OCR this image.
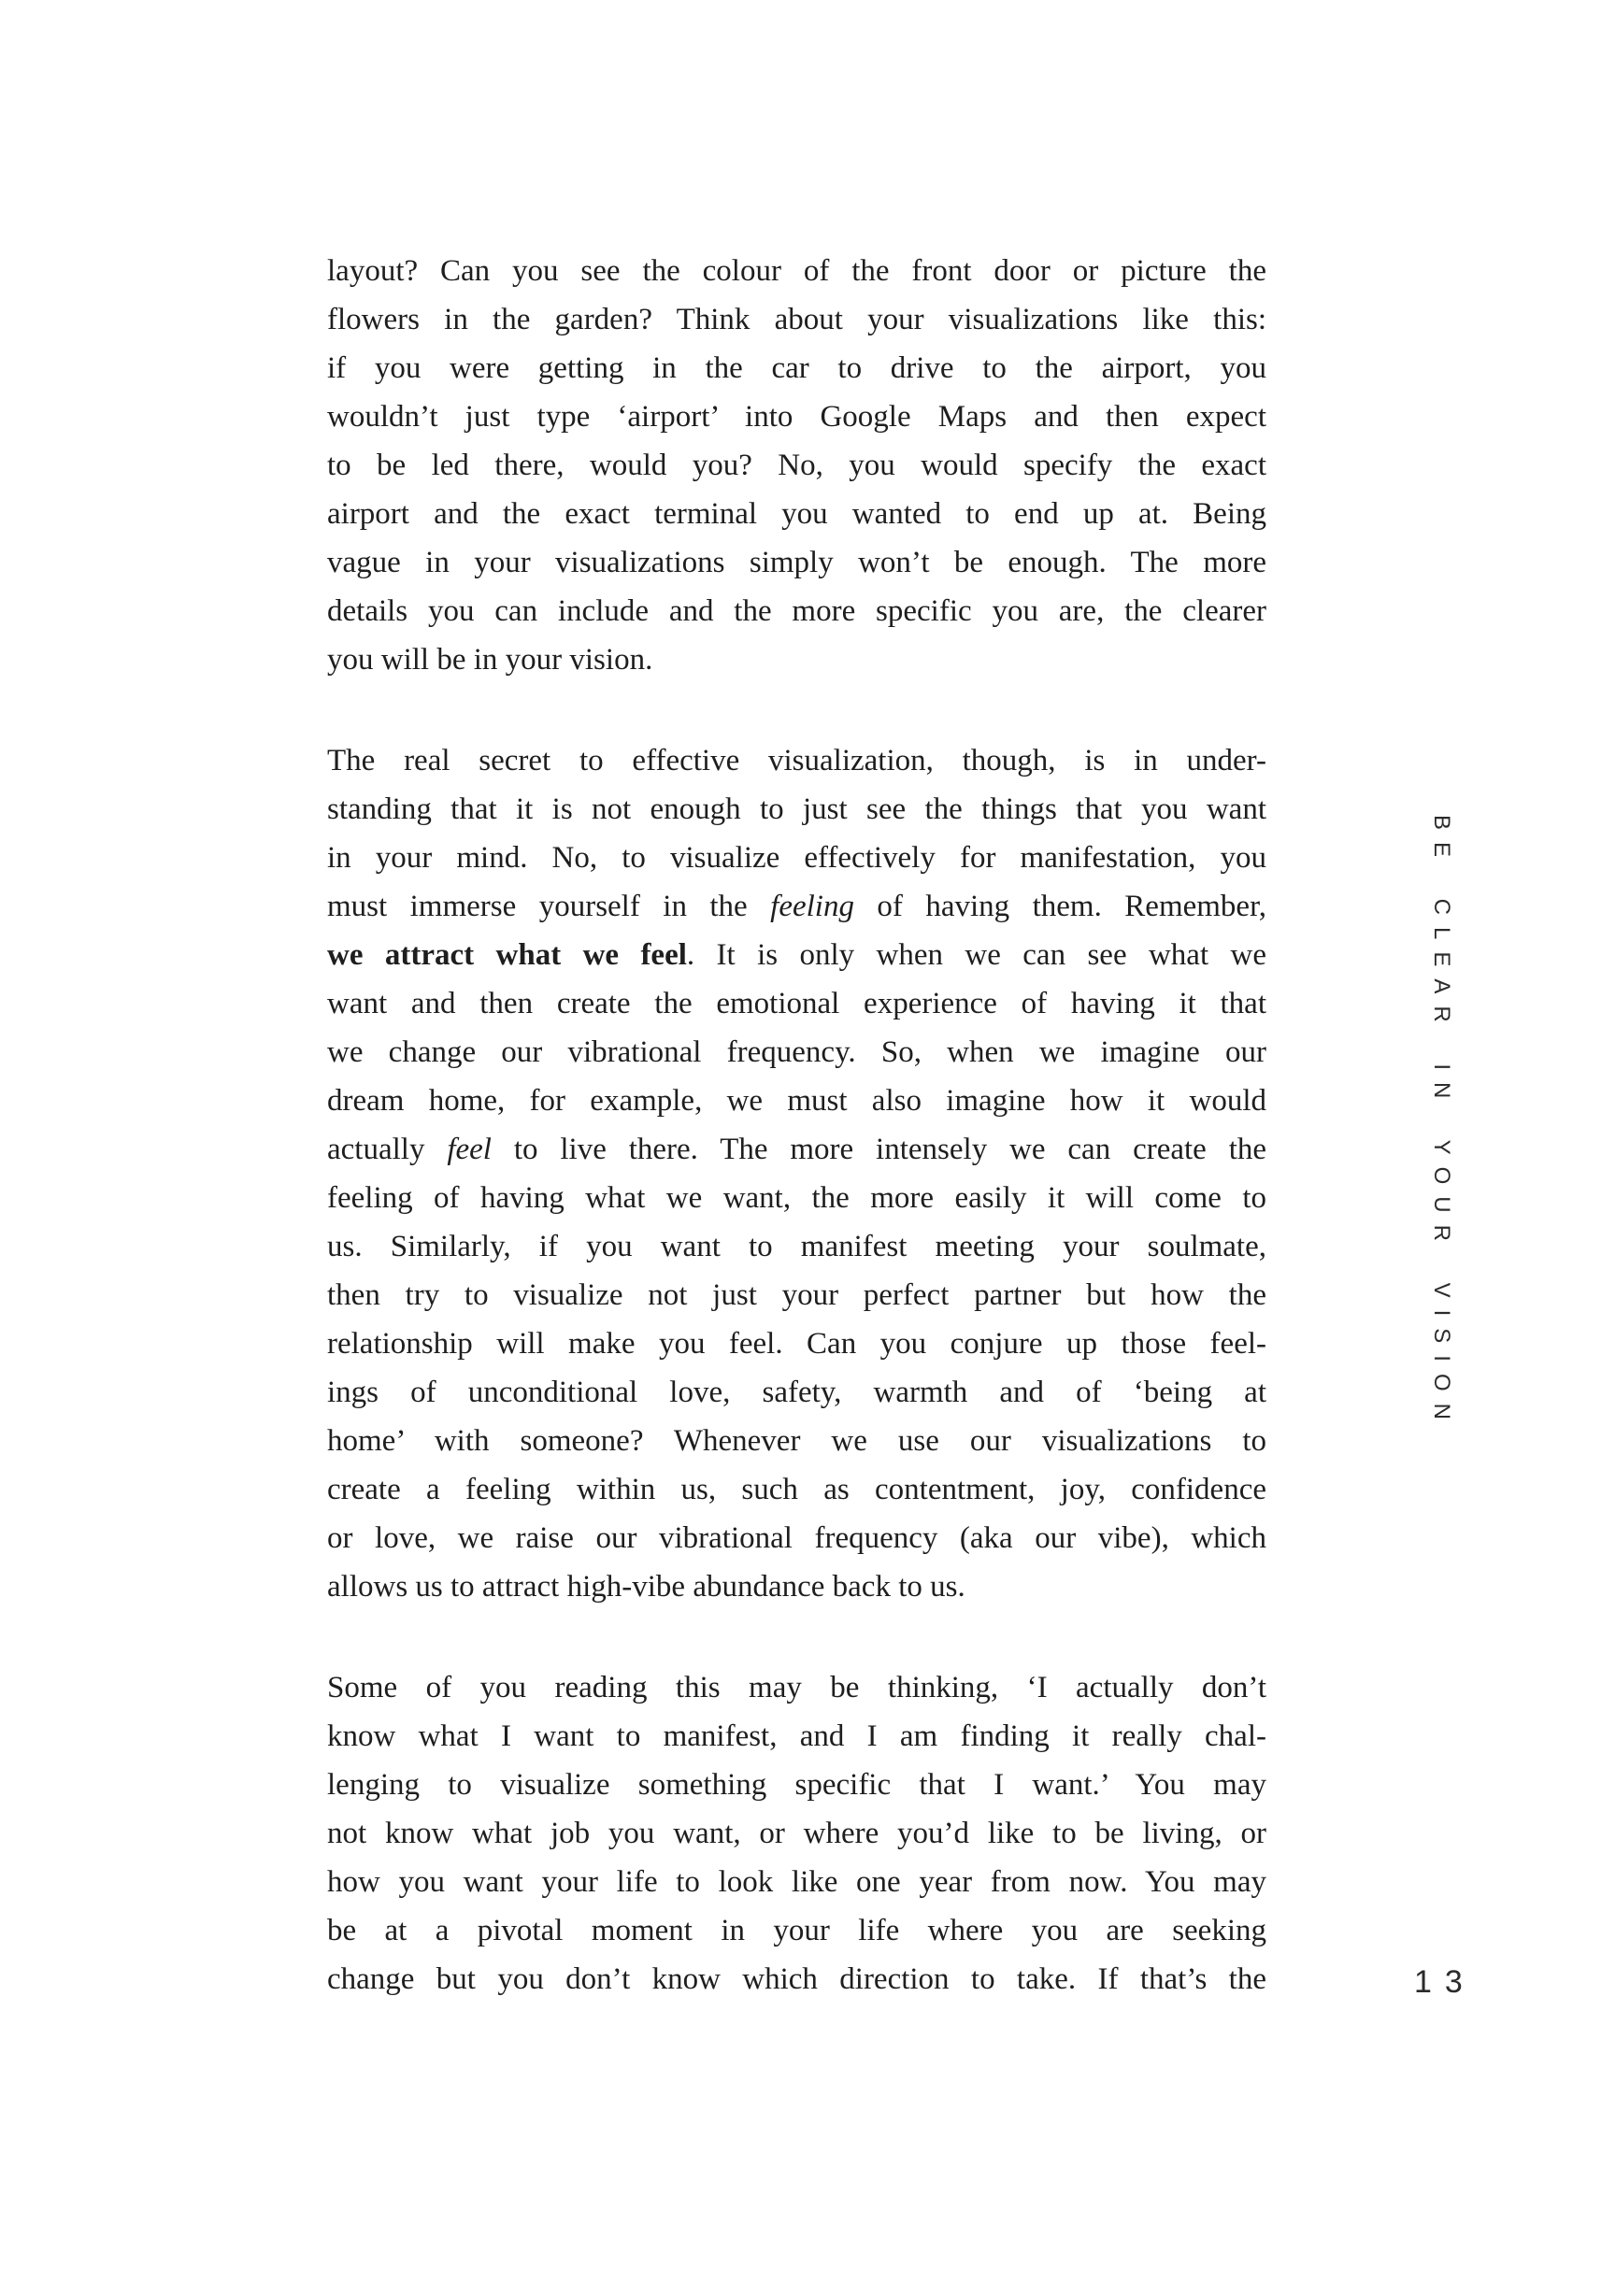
layout? Can you see the colour of the front door or picture the
flowers in the garden? Think about your visualizations like this:
if you were getting in the car to drive to the airport, you
wouldn’t just type ‘airport’ into Google Maps and then expect
to be led there, would you? No, you would specify the exact
airport and the exact terminal you wanted to end up at. Being
vague in your visualizations simply won’t be enough. The more
details you can include and the more specific you are, the clearer
you will be in your vision.
The real secret to effective visualization, though, is in under-
standing that it is not enough to just see the things that you want
in your mind. No, to visualize effectively for manifestation, you
must immerse yourself in the feeling of having them. Remember,
we attract what we feel. It is only when we can see what we
want and then create the emotional experience of having it that
we change our vibrational frequency. So, when we imagine our
dream home, for example, we must also imagine how it would
actually feel to live there. The more intensely we can create the
feeling of having what we want, the more easily it will come to
us. Similarly, if you want to manifest meeting your soulmate,
then try to visualize not just your perfect partner but how the
relationship will make you feel. Can you conjure up those feel-
ings of unconditional love, safety, warmth and of ‘being at
home’ with someone? Whenever we use our visualizations to
create a feeling within us, such as contentment, joy, confidence
or love, we raise our vibrational frequency (aka our vibe), which
allows us to attract high-vibe abundance back to us.
Some of you reading this may be thinking, ‘I actually don’t
know what I want to manifest, and I am finding it really chal-
lenging to visualize something specific that I want.’ You may
not know what job you want, or where you’d like to be living, or
how you want your life to look like one year from now. You may
be at a pivotal moment in your life where you are seeking
change but you don’t know which direction to take. If that’s the
BE CLEAR IN YOUR VISION
13
